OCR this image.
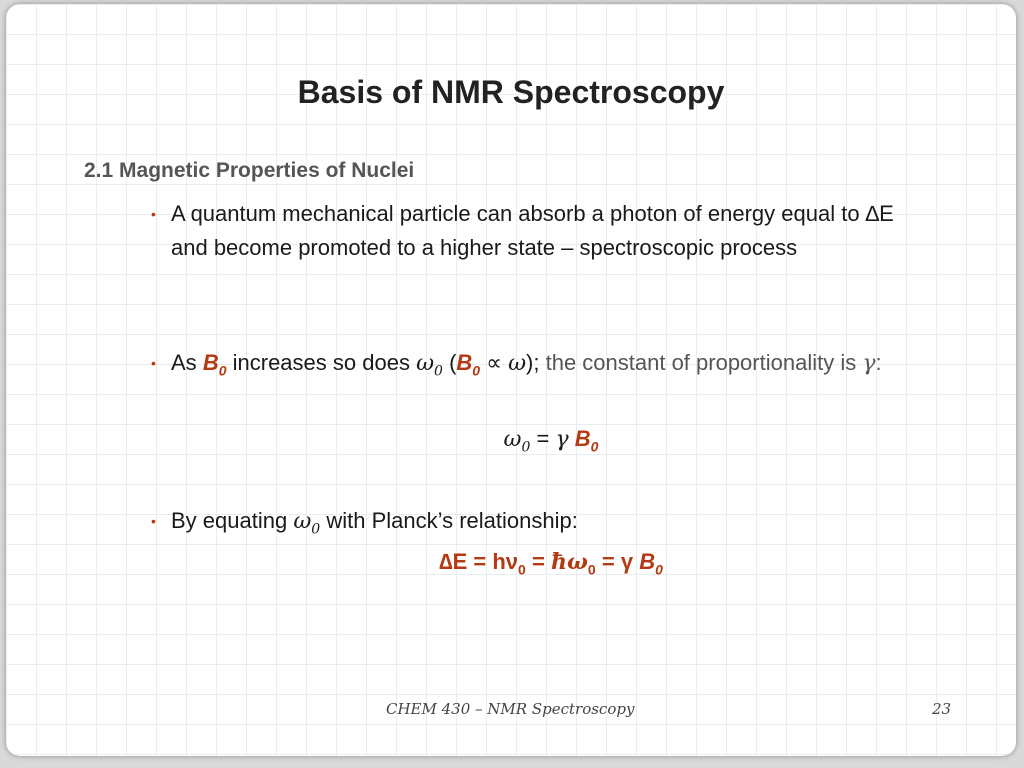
Basis of NMR Spectroscopy
2.1 Magnetic Properties of Nuclei
• A quantum mechanical particle can absorb a photon of energy equal to ∆E and become promoted to a higher state – spectroscopic process
• As $B_0$ increases so does $\omega_0$ $(B_0 \propto \omega)$; the constant of proportionality is γ:
$\omega_0 = \gamma$ $B_0$
• By equating $\omega_0$ with Planck’s relationship:
$\Delta E = h\nu_0$ = $ħ\omega_0 = \gamma$ $B_0$
CHEM 430 – NMR Spectroscopy	23
